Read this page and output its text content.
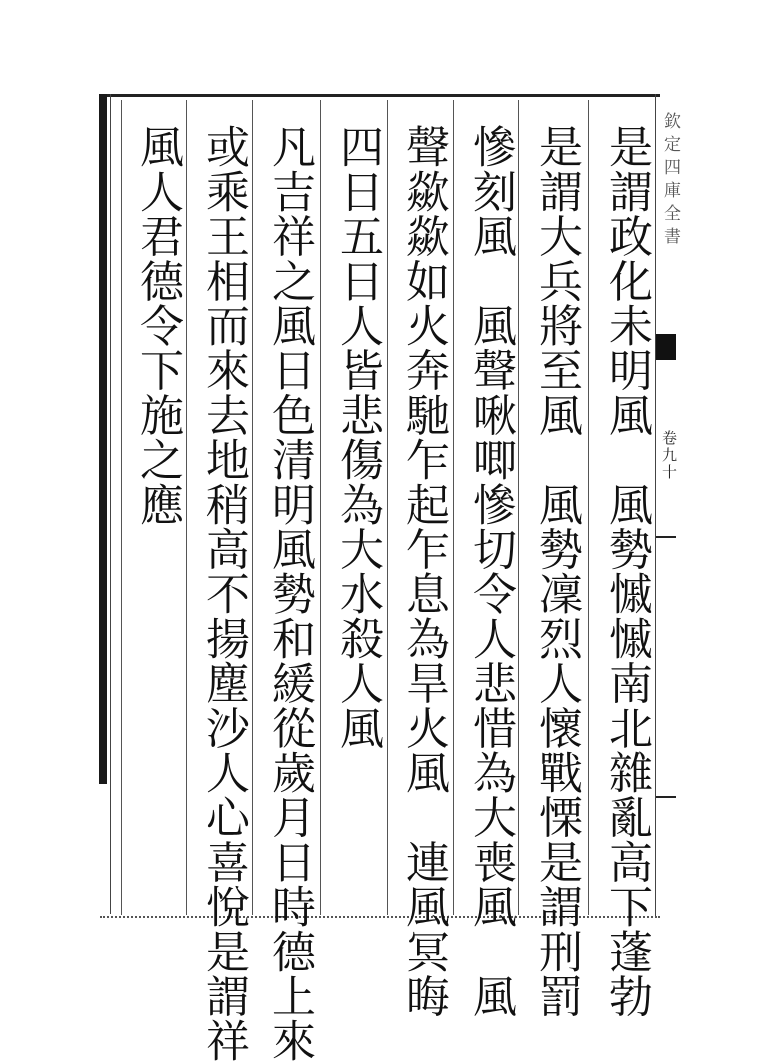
是謂政化未明風　風勢慽慽南北雜亂高下蓬勃
是謂大兵將至風　風勢凜烈人懷戰慄是謂刑罰
慘刻風　風聲啾唧慘切令人悲惜為大喪風　風
聲歘歘如火奔馳乍起乍息為旱火風　連風冥晦
四日五日人皆悲傷為大水殺人風
凡吉祥之風日色清明風勢和緩從歲月日時德上來
或乘王相而來去地稍高不揚塵沙人心喜悅是謂祥
風人君德令下施之應	欽定四庫全書
卷九十
